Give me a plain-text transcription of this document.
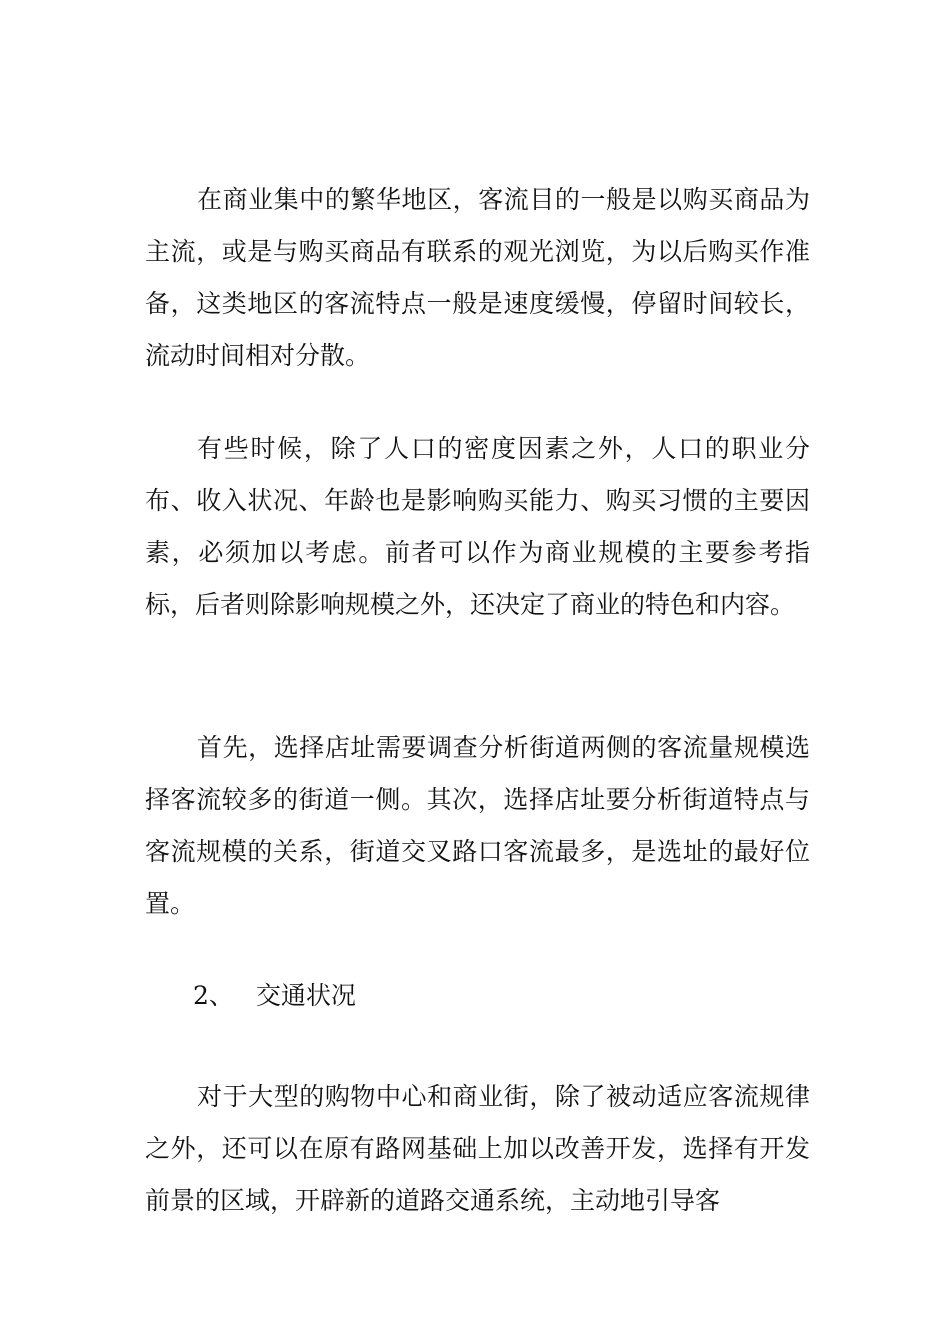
在商业集中的繁华地区，客流目的一般是以购买商品为主流，或是与购买商品有联系的观光浏览，为以后购买作准备，这类地区的客流特点一般是速度缓慢，停留时间较长，流动时间相对分散。

有些时候，除了人口的密度因素之外，人口的职业分布、收入状况、年龄也是影响购买能力、购买习惯的主要因素，必须加以考虑。前者可以作为商业规模的主要参考指标，后者则除影响规模之外，还决定了商业的特色和内容。

首先，选择店址需要调查分析街道两侧的客流量规模选择客流较多的街道一侧。其次，选择店址要分析街道特点与客流规模的关系，街道交叉路口客流最多，是选址的最好位置。

2、 交通状况

对于大型的购物中心和商业街，除了被动适应客流规律之外，还可以在原有路网基础上加以改善开发，选择有开发前景的区域，开辟新的道路交通系统，主动地引导客
